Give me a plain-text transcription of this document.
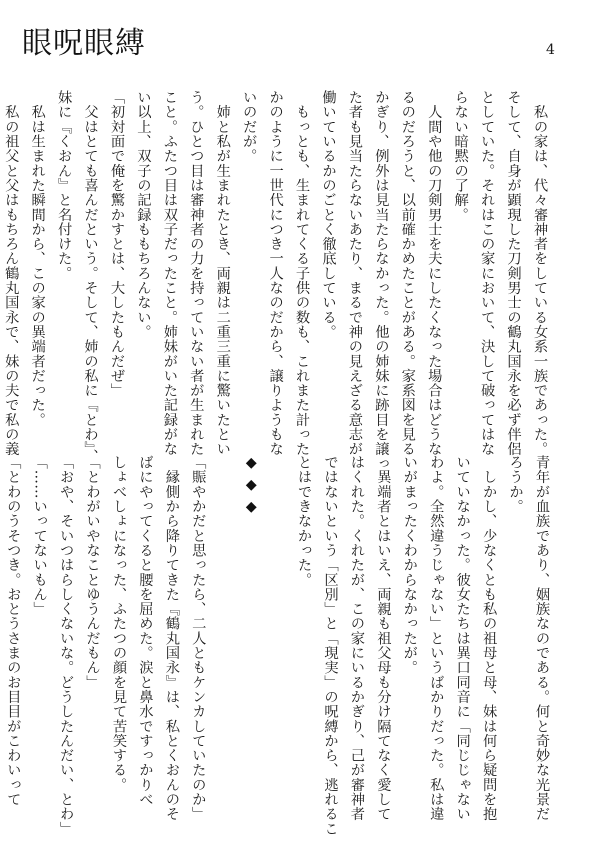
眼呪眼縛	4

　私の家は、代々審神者をしている女系一族であった。

そして、自身が顕現した刀剣男士の鶴丸国永を必ず伴侶

としていた。それはこの家において、決して破ってはな

らない暗黙の了解。

　人間や他の刀剣男士を夫にしたくなった場合はどうな

るのだろうと、以前確かめたことがある。家系図を見る

かぎり、例外は見当たらなかった。他の姉妹に跡目を譲っ

た者も見当たらないあたり、まるで神の見えざる意志が

働いているかのごとく徹底している。

　もっとも、生まれてくる子供の数も、これまた計った

かのように一世代につき一人なのだから、譲りようもな

いのだが。

　姉と私が生まれたとき、両親は二重三重に驚いたとい

う。ひとつ目は審神者の力を持っていない者が生まれた

こと。ふたつ目は双子だったこと。姉妹がいた記録がな

い以上、双子の記録ももちろんない。

「初対面で俺を驚かすとは、大したもんだぜ」

　父はとても喜んだという。そして、姉の私に『とわ』、

妹に『くおん』と名付けた。

　私は生まれた瞬間から、この家の異端者だった。

　私の祖父と父はもちろん鶴丸国永で、妹の夫で私の義

青年が血族であり、姻族なのである。何と奇妙な光景だ

ろうか。

　しかし、少なくとも私の祖母と母、妹は何ら疑問を抱

いていなかった。彼女たちは異口同音に「同じじゃない

わよ。全然違うじゃない」というばかりだった。私は違

いがまったくわからなかったが。

　異端者とはいえ、両親も祖父母も分け隔てなく愛して

はくれた。くれたが、この家にいるかぎり、己が審神者

ではないという「区別」と「現実」の呪縛から、逃れるこ

とはできなかった。

◆◆◆

「賑やかだと思ったら、二人ともケンカしていたのか」

　縁側から降りてきた『鶴丸国永』は、私とくおんのそ

ばにやってくると腰を屈めた。涙と鼻水ですっかりべ

しょべしょになった、ふたつの顔を見て苦笑する。

「とわがいやなことゆうんだもん」

「おや、そいつはらしくないな。どうしたんだい、とわ」

「……いってないもん」

「とわのうそつき。おとうさまのお目目がこわいって
